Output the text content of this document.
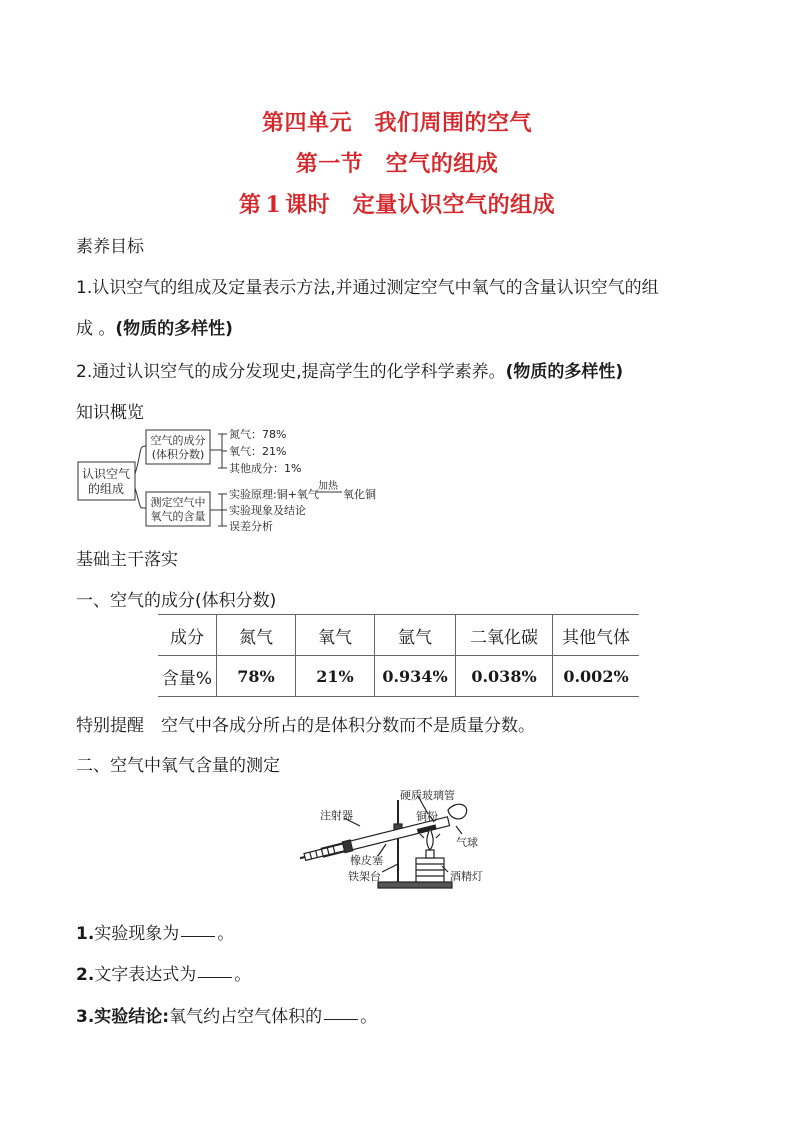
第四单元　我们周围的空气
第一节　空气的组成
第 1 课时　定量认识空气的组成
素养目标
1.认识空气的组成及定量表示方法,并通过测定空气中氧气的含量认识空气的组
成 。(物质的多样性)
2.通过认识空气的成分发现史,提高学生的化学科学素养。(物质的多样性)
知识概览
认识空气
的组成
空气的成分
(体积分数)
氮气：78%
氧气：21%
其他成分：1%
测定空气中
氧气的含量
实验原理:铜+氧气
加热
氧化铜
实验现象及结论
误差分析
基础主干落实
一、空气的成分(体积分数)
成分	氮气	氧气	氩气	二氧化碳	其他气体
含量%	78%	21%	0.934%	0.038%	0.002%
特别提醒　空气中各成分所占的是体积分数而不是质量分数。
二、空气中氧气含量的测定
注射器
硬质玻璃管
铜粉
气球
橡皮塞
铁架台	酒精灯
1.实验现象为 。
2.文字表达式为 。
3.实验结论:氧气约占空气体积的 。
